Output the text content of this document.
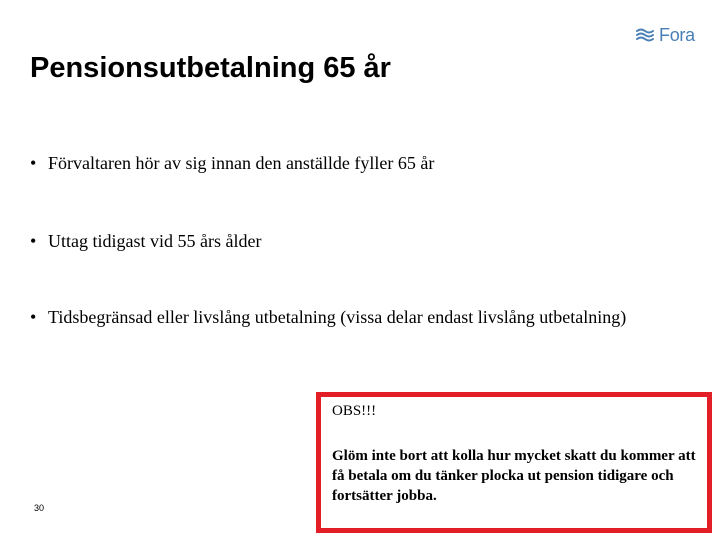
Fora
Pensionsutbetalning 65 år
• Förvaltaren hör av sig innan den anställde fyller 65 år
• Uttag tidigast vid 55 års ålder
• Tidsbegränsad eller livslång utbetalning (vissa delar endast livslång utbetalning)
30
OBS!!!
Glöm inte bort att kolla hur mycket skatt du kommer att få betala om du tänker plocka ut pension tidigare och fortsätter jobba.
